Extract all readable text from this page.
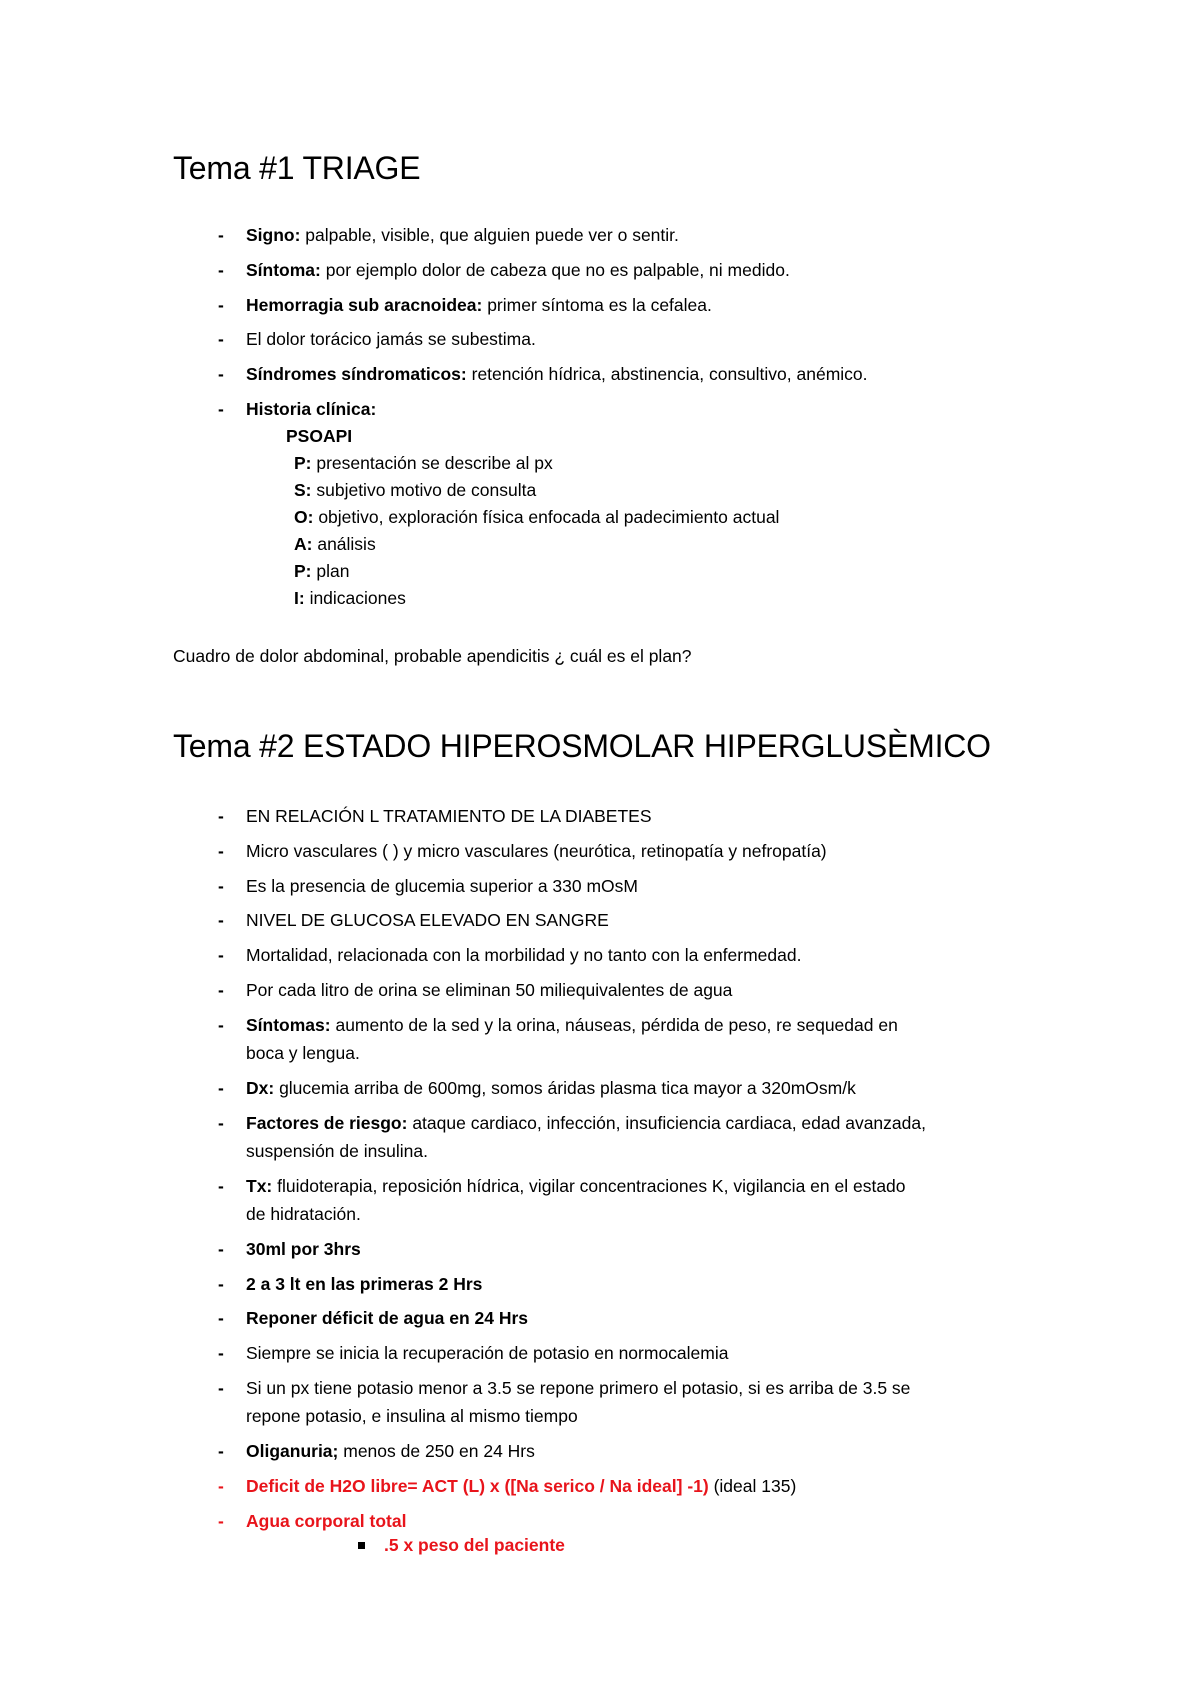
Tema #1 TRIAGE
- Signo: palpable, visible, que alguien puede ver o sentir.
- Síntoma: por ejemplo dolor de cabeza que no es palpable, ni medido.
- Hemorragia sub aracnoidea: primer síntoma es la cefalea.
- El dolor torácico jamás se subestima.
- Síndromes síndromaticos: retención hídrica, abstinencia, consultivo, anémico.
- Historia clínica:
PSOAPI
P: presentación se describe al px
S: subjetivo motivo de consulta
O: objetivo, exploración física enfocada al padecimiento actual
A: análisis
P: plan
I: indicaciones
Cuadro de dolor abdominal, probable apendicitis ¿ cuál es el plan?
Tema #2 ESTADO HIPEROSMOLAR HIPERGLUSÈMICO
- EN RELACIÓN L TRATAMIENTO DE LA DIABETES
- Micro vasculares ( ) y micro vasculares (neurótica, retinopatía y nefropatía)
- Es la presencia de glucemia superior a 330 mOsM
- NIVEL DE GLUCOSA ELEVADO EN SANGRE
- Mortalidad, relacionada con la morbilidad y no tanto con la enfermedad.
- Por cada litro de orina se eliminan 50 miliequivalentes de agua
- Síntomas: aumento de la sed y la orina, náuseas, pérdida de peso, re sequedad en
boca y lengua.
- Dx: glucemia arriba de 600mg, somos áridas plasma tica mayor a 320mOsm/k
- Factores de riesgo: ataque cardiaco, infección, insuficiencia cardiaca, edad avanzada,
suspensión de insulina.
- Tx: fluidoterapia, reposición hídrica, vigilar concentraciones K, vigilancia en el estado
de hidratación.
- 30ml por 3hrs
- 2 a 3 lt en las primeras 2 Hrs
- Reponer déficit de agua en 24 Hrs
- Siempre se inicia la recuperación de potasio en normocalemia
- Si un px tiene potasio menor a 3.5 se repone primero el potasio, si es arriba de 3.5 se
repone potasio, e insulina al mismo tiempo
- Oliganuria; menos de 250 en 24 Hrs
- Deficit de H2O libre= ACT (L) x ([Na serico / Na ideal] -1) (ideal 135)
- Agua corporal total
.5 x peso del paciente
